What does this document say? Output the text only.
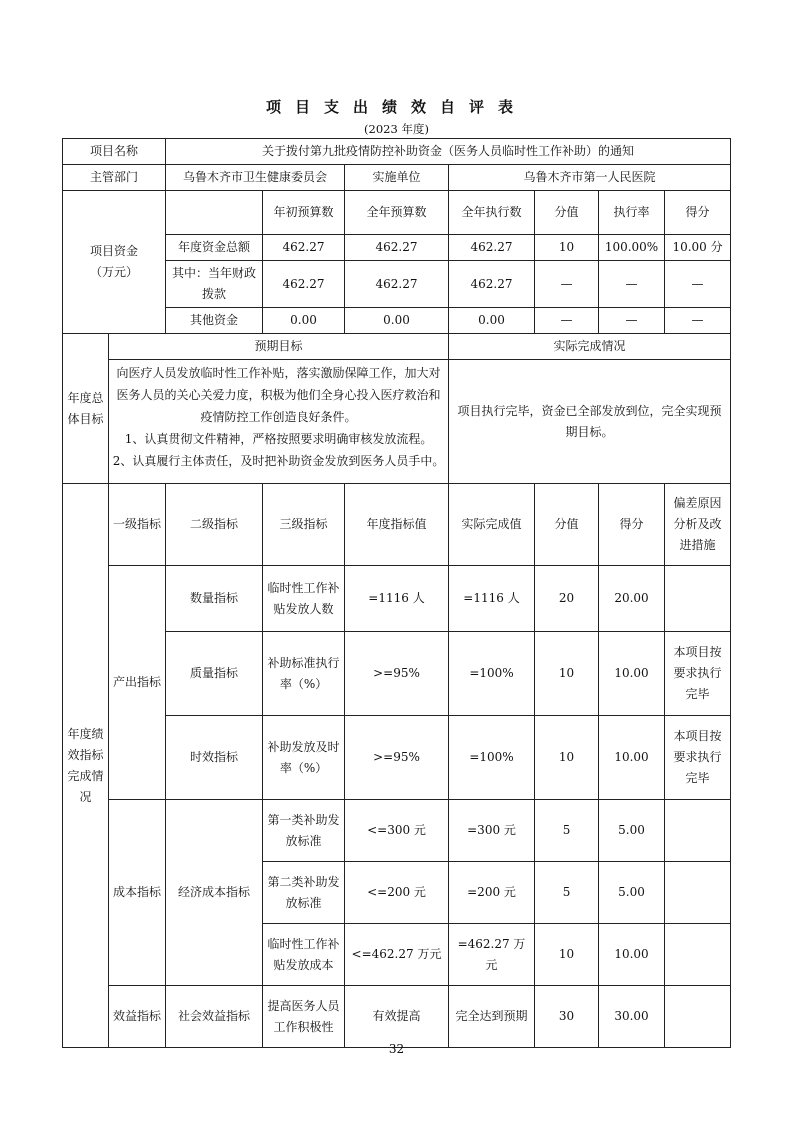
项目支出绩效自评表
(2023 年度)
项目名称		关于拨付第九批疫情防控补助资金（医务人员临时性工作补助）的通知						
主管部门		乌鲁木齐市卫生健康委员会		实施单位	乌鲁木齐市第一人民医院			

项目资金
（万元）			年初预算数	全年预算数	全年执行数	分值	执行率	得分
		年度资金总额	462.27	462.27	462.27	10	100.00%	10.00 分
		其中：当年财政拨款	462.27	462.27	462.27	—	—	—
		其他资金	0.00	0.00	0.00	—	—	—
年度总体目标	预期目标				实际完成情况			
	向医疗人员发放临时性工作补贴，落实激励保障工作，加大对医务人员的关心关爱力度，积极为他们全身心投入医疗救治和疫情防控工作创造良好条件。
1、认真贯彻文件精神，严格按照要求明确审核发放流程。
2、认真履行主体责任，及时把补助资金发放到医务人员手中。				项目执行完毕，资金已全部发放到位，完全实现预期目标。			
年度绩效指标完成情况	一级指标	二级指标	三级指标	年度指标值	实际完成值	分值	得分	偏差原因分析及改进措施
	产出指标	数量指标	临时性工作补贴发放人数	=1116 人	=1116 人	20	20.00	
		质量指标	补助标准执行率（%）	>=95%	=100%	10	10.00	本项目按要求执行完毕
		时效指标	补助发放及时率（%）	>=95%	=100%	10	10.00	本项目按要求执行完毕
	成本指标	经济成本指标	第一类补助发放标准	<=300 元	=300 元	5	5.00	
			第二类补助发放标准	<=200 元	=200 元	5	5.00	
			临时性工作补贴发放成本	<=462.27 万元	=462.27 万元	10	10.00	
	效益指标	社会效益指标	提高医务人员工作积极性	有效提高	完全达到预期	30	30.00	
32
